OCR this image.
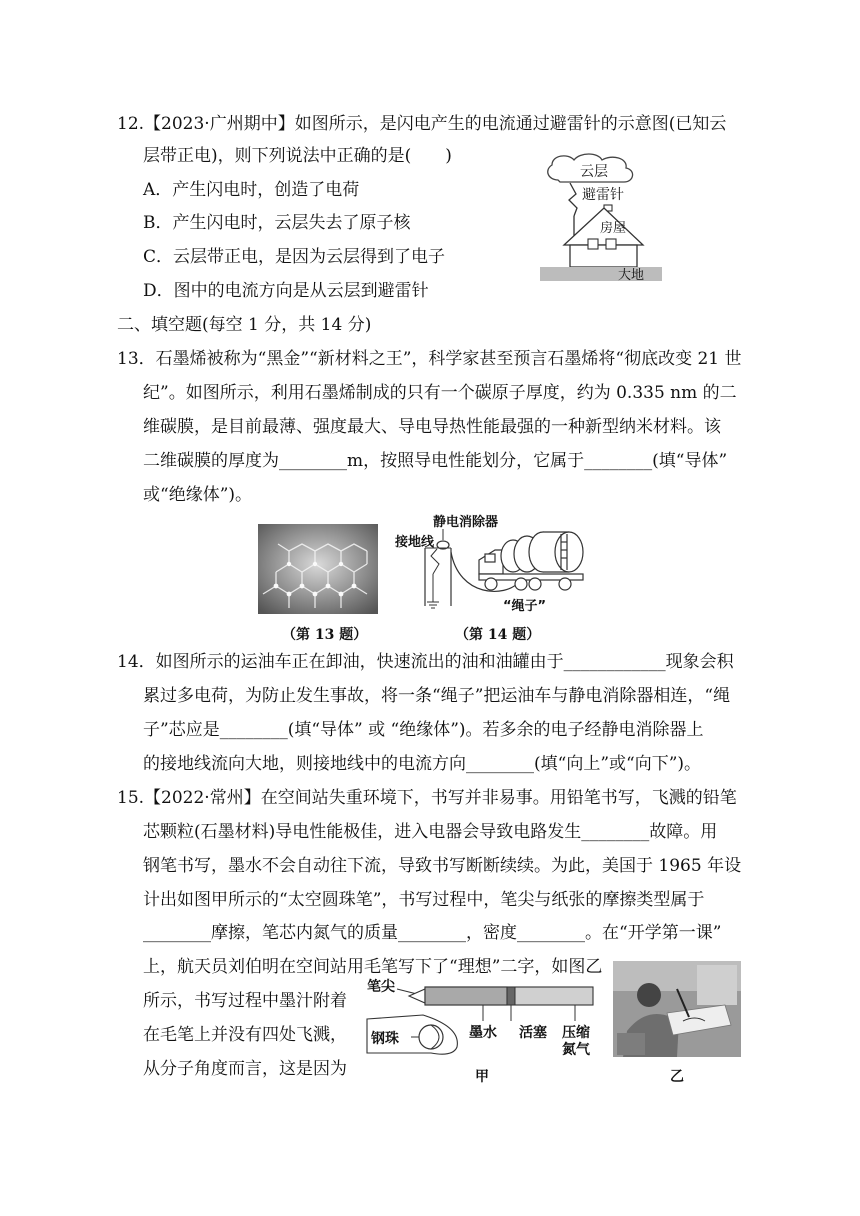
12.【2023·广州期中】如图所示，是闪电产生的电流通过避雷针的示意图(已知云
层带正电)，则下列说法中正确的是(　　)
A．产生闪电时，创造了电荷
B．产生闪电时，云层失去了原子核
C．云层带正电，是因为云层得到了电子
D．图中的电流方向是从云层到避雷针
云层
避雷针
房屋
大地
二、填空题(每空 1 分，共 14 分)
13．石墨烯被称为“黑金”“新材料之王”，科学家甚至预言石墨烯将“彻底改变 21 世
纪”。如图所示，利用石墨烯制成的只有一个碳原子厚度，约为 0.335 nm 的二
维碳膜，是目前最薄、强度最大、导电导热性能最强的一种新型纳米材料。该
二维碳膜的厚度为________m，按照导电性能划分，它属于________(填“导体”
或“绝缘体”)。
静电消除器
接地线
“绳子”
（第 13 题）	（第 14 题）
14．如图所示的运油车正在卸油，快速流出的油和油罐由于____________现象会积
累过多电荷，为防止发生事故，将一条“绳子”把运油车与静电消除器相连，“绳
子”芯应是________(填“导体” 或 “绝缘体”)。若多余的电子经静电消除器上
的接地线流向大地，则接地线中的电流方向________(填“向上”或“向下”)。
15.【2022·常州】在空间站失重环境下，书写并非易事。用铅笔书写，飞溅的铅笔
芯颗粒(石墨材料)导电性能极佳，进入电器会导致电路发生________故障。用
钢笔书写，墨水不会自动往下流，导致书写断断续续。为此，美国于 1965 年设
计出如图甲所示的“太空圆珠笔”，书写过程中，笔尖与纸张的摩擦类型属于
________摩擦，笔芯内氮气的质量________，密度________。在“开学第一课”
上，航天员刘伯明在空间站用毛笔写下了“理想”二字，如图乙
所示，书写过程中墨汁附着
在毛笔上并没有四处飞溅，
从分子角度而言，这是因为
笔尖
墨水 活塞 压缩
氮气
钢珠
甲	乙
